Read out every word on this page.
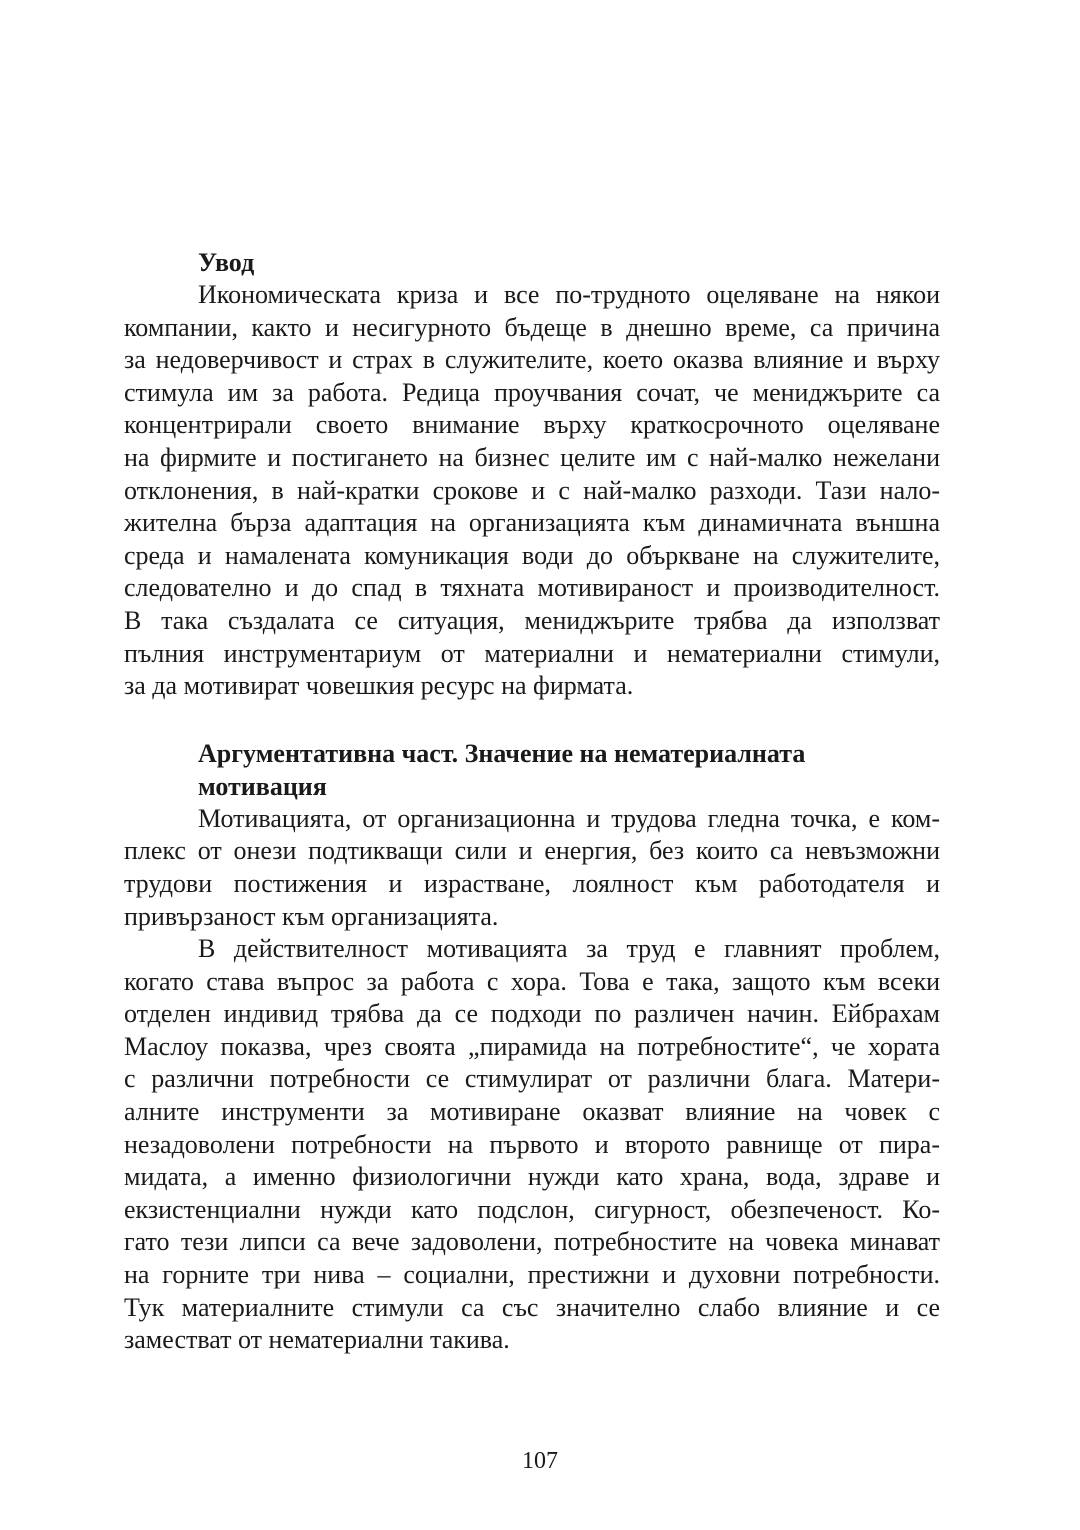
Увод
Икономическата криза и все по-трудното оцеляване на някои
компании, както и несигурното бъдеще в днешно време, са причина
за недоверчивост и страх в служителите, което оказва влияние и върху
стимула им за работа. Редица проучвания сочат, че мениджърите са
концентрирали своето внимание върху краткосрочното оцеляване
на фирмите и постигането на бизнес целите им с най-малко нежелани
отклонения, в най-кратки срокове и с най-малко разходи. Тази нало-
жителна бърза адаптация на организацията към динамичната външна
среда и намалената комуникация води до объркване на служителите,
следователно и до спад в тяхната мотивираност и производителност.
В така създалата се ситуация, мениджърите трябва да използват
пълния инструментариум от материални и нематериални стимули,
за да мотивират човешкия ресурс на фирмата.
Аргументативна част. Значение на нематериалната
мотивация
Мотивацията, от организационна и трудова гледна точка, е ком-
плекс от онези подтикващи сили и енергия, без които са невъзможни
трудови постижения и израстване, лоялност към работодателя и
привързаност към организацията.
В действителност мотивацията за труд е главният проблем,
когато става въпрос за работа с хора. Това е така, защото към всеки
отделен индивид трябва да се подходи по различен начин. Ейбрахам
Маслоу показва, чрез своята „пирамида на потребностите“, че хората
с различни потребности се стимулират от различни блага. Матери-
алните инструменти за мотивиране оказват влияние на човек с
незадоволени потребности на първото и второто равнище от пира-
мидата, а именно физиологични нужди като храна, вода, здраве и
екзистенциални нужди като подслон, сигурност, обезпеченост. Ко-
гато тези липси са вече задоволени, потребностите на човека минават
на горните три нива – социални, престижни и духовни потребности.
Тук материалните стимули са със значително слабо влияние и се
заместват от нематериални такива.
107
